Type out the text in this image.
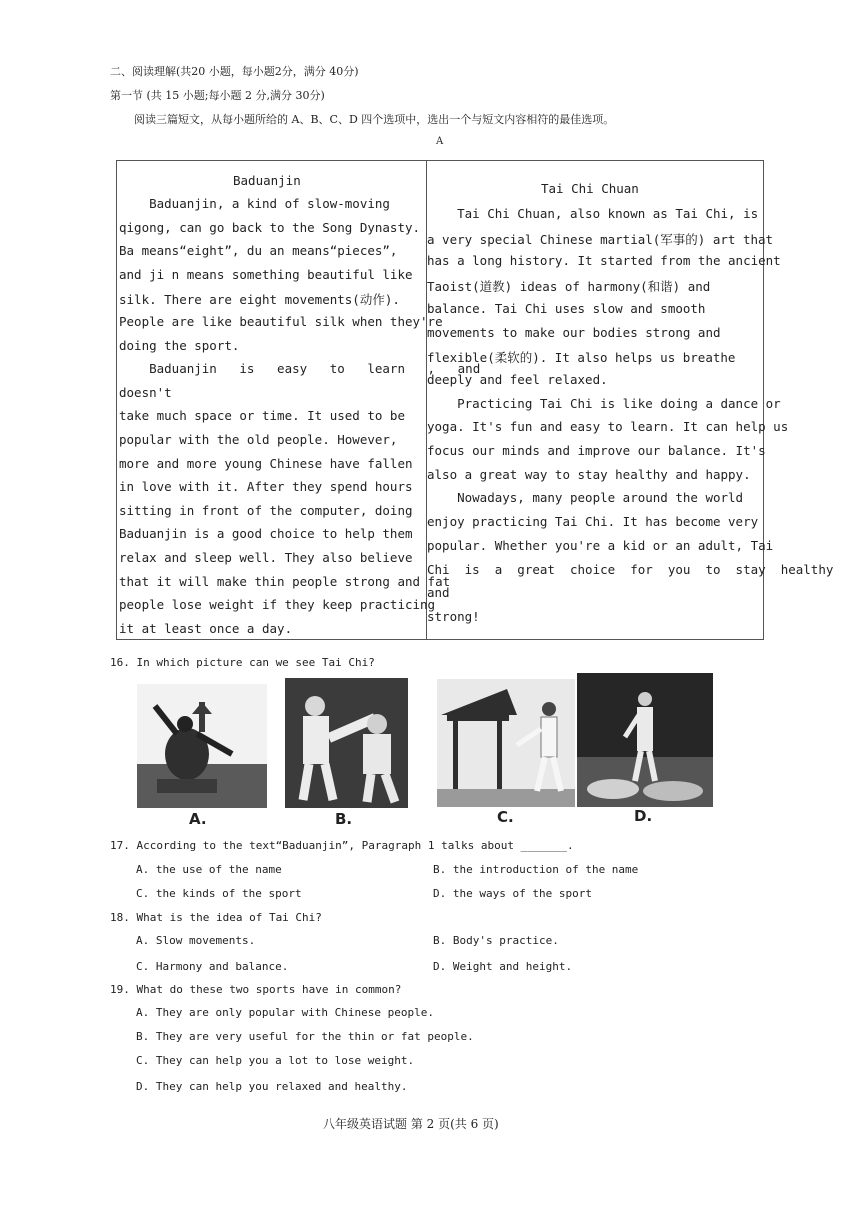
二、阅读理解(共20 小题，每小题2分，满分 40分)
第一节 (共 15 小题;每小题 2 分,满分 30分)
阅读三篇短文，从每小题所给的 A、B、C、D 四个选项中，选出一个与短文内容相符的最佳选项。
A
Baduanjin
Tai Chi Chuan
Baduanjin, a kind of slow-moving
qigong, can go back to the Song Dynasty.
Ba means“eight”, du an means“pieces”,
and ji n means something beautiful like
silk. There are eight movements(动作).
People are like beautiful silk when they're
doing the sport.
Baduanjin   is   easy   to   learn   ,   and
doesn't
take much space or time. It used to be
popular with the old people. However,
more and more young Chinese have fallen
in love with it. After they spend hours
sitting in front of the computer, doing
Baduanjin is a good choice to help them
relax and sleep well. They also believe
that it will make thin people strong and fat
people lose weight if they keep practicing
it at least once a day.
Tai Chi Chuan, also known as Tai Chi, is
a very special Chinese martial(军事的) art that
has a long history. It started from the ancient
Taoist(道教) ideas of harmony(和谐) and
balance. Tai Chi uses slow and smooth
movements to make our bodies strong and
flexible(柔软的). It also helps us breathe
deeply and feel relaxed.
Practicing Tai Chi is like doing a dance or
yoga. It's fun and easy to learn. It can help us
focus our minds and improve our balance. It's
also a great way to stay healthy and happy.
Nowadays, many people around the world
enjoy practicing Tai Chi. It has become very
popular. Whether you're a kid or an adult, Tai
Chi  is  a  great  choice  for  you  to  stay  healthy
and
strong!
16. In which picture can we see Tai Chi?
A.	B.	C.	D.
17. According to the text“Baduanjin”, Paragraph 1 talks about _______.
A. the use of the name	B. the introduction of the name
C. the kinds of the sport	D. the ways of the sport
18. What is the idea of Tai Chi?
A. Slow movements.	B. Body's practice.
C. Harmony and balance.	D. Weight and height.
19. What do these two sports have in common?
A. They are only popular with Chinese people.
B. They are very useful for the thin or fat people.
C. They can help you a lot to lose weight.
D. They can help you relaxed and healthy.
八年级英语试题 第 2 页(共 6 页)
